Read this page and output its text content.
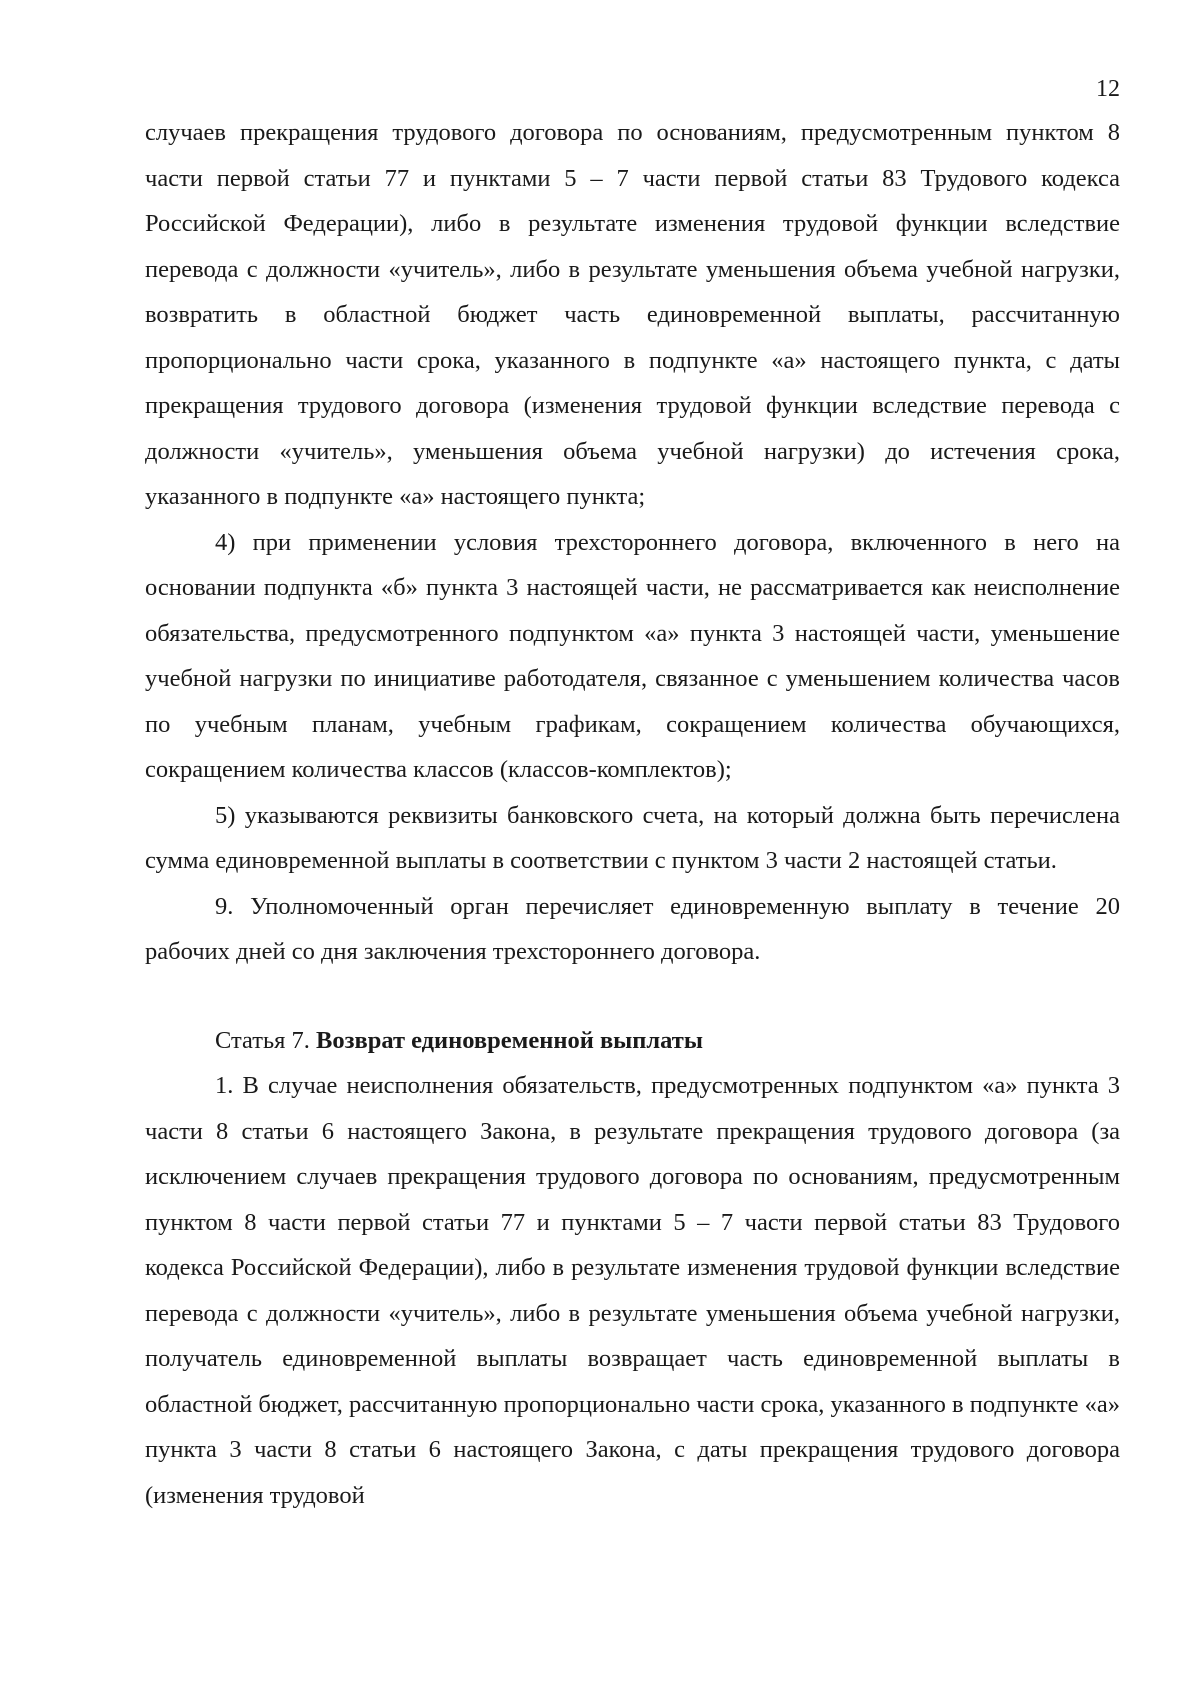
12

случаев прекращения трудового договора по основаниям, предусмотренным пунктом 8 части первой статьи 77 и пунктами 5 – 7 части первой статьи 83 Трудового кодекса Российской Федерации), либо в результате изменения трудовой функции вследствие перевода с должности «учитель», либо в результате уменьшения объема учебной нагрузки, возвратить в областной бюджет часть единовременной выплаты, рассчитанную пропорционально части срока, указанного в подпункте «а» настоящего пункта, с даты прекращения трудового договора (изменения трудовой функции вследствие перевода с должности «учитель», уменьшения объема учебной нагрузки) до истечения срока, указанного в подпункте «а» настоящего пункта;

4) при применении условия трехстороннего договора, включенного в него на основании подпункта «б» пункта 3 настоящей части, не рассматривается как неисполнение обязательства, предусмотренного подпунктом «а» пункта 3 настоящей части, уменьшение учебной нагрузки по инициативе работодателя, связанное с уменьшением количества часов по учебным планам, учебным графикам, сокращением количества обучающихся, сокращением количества классов (классов-комплектов);

5) указываются реквизиты банковского счета, на который должна быть перечислена сумма единовременной выплаты в соответствии с пунктом 3 части 2 настоящей статьи.

9. Уполномоченный орган перечисляет единовременную выплату в течение 20 рабочих дней со дня заключения трехстороннего договора.

Статья 7. Возврат единовременной выплаты

1. В случае неисполнения обязательств, предусмотренных подпунктом «а» пункта 3 части 8 статьи 6 настоящего Закона, в результате прекращения трудового договора (за исключением случаев прекращения трудового договора по основаниям, предусмотренным пунктом 8 части первой статьи 77 и пунктами 5 – 7 части первой статьи 83 Трудового кодекса Российской Федерации), либо в результате изменения трудовой функции вследствие перевода с должности «учитель», либо в результате уменьшения объема учебной нагрузки, получатель единовременной выплаты возвращает часть единовременной выплаты в областной бюджет, рассчитанную пропорционально части срока, указанного в подпункте «а» пункта 3 части 8 статьи 6 настоящего Закона, с даты прекращения трудового договора (изменения трудовой
